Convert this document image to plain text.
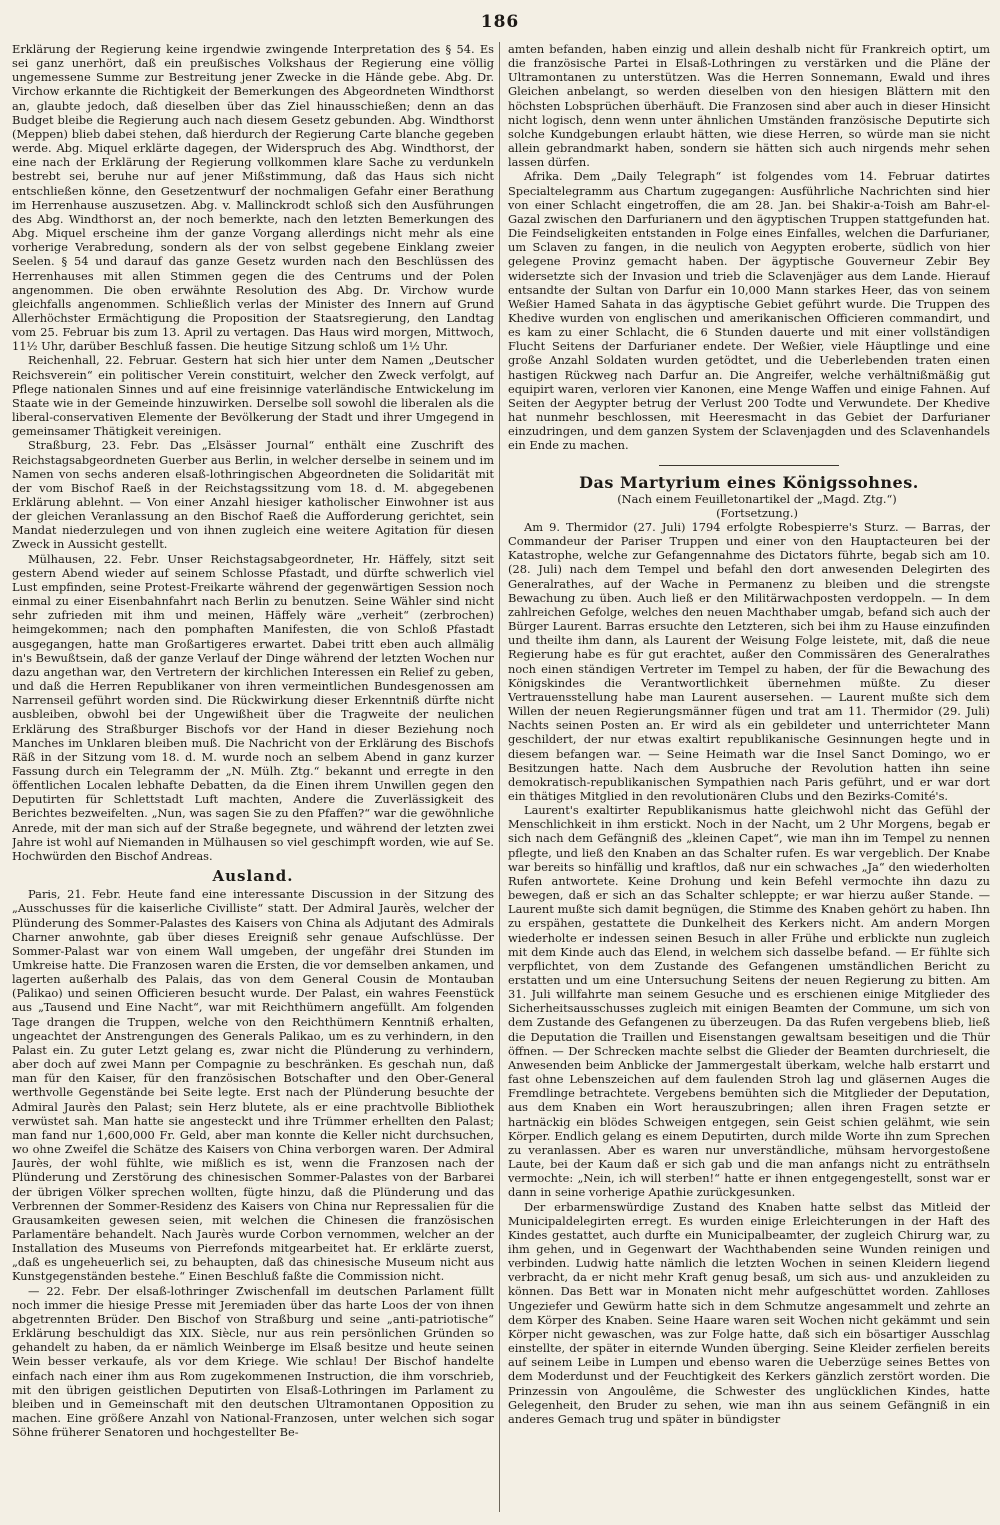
186

Erklärung der Regierung keine irgendwie zwingende Interpretation des § 54. Es sei ganz unerhört, daß ein preußisches Volkshaus der Regierung eine völlig ungemessene Summe zur Bestreitung jener Zwecke in die Hände gebe. Abg. Dr. Virchow erkannte die Richtigkeit der Bemerkungen des Abgeordneten Windthorst an, glaubte jedoch, daß dieselben über das Ziel hinausschießen; denn an das Budget bleibe die Regierung auch nach diesem Gesetz gebunden. Abg. Windthorst (Meppen) blieb dabei stehen, daß hierdurch der Regierung Carte blanche gegeben werde. Abg. Miquel erklärte dagegen, der Widerspruch des Abg. Windthorst, der eine nach der Erklärung der Regierung vollkommen klare Sache zu verdunkeln bestrebt sei, beruhe nur auf jener Mißstimmung, daß das Haus sich nicht entschließen könne, den Gesetzentwurf der nochmaligen Gefahr einer Berathung im Herrenhause auszusetzen. Abg. v. Mallinckrodt schloß sich den Ausführungen des Abg. Windthorst an, der noch bemerkte, nach den letzten Bemerkungen des Abg. Miquel erscheine ihm der ganze Vorgang allerdings nicht mehr als eine vorherige Verabredung, sondern als der von selbst gegebene Einklang zweier Seelen. § 54 und darauf das ganze Gesetz wurden nach den Beschlüssen des Herrenhauses mit allen Stimmen gegen die des Centrums und der Polen angenommen. Die oben erwähnte Resolution des Abg. Dr. Virchow wurde gleichfalls angenommen. Schließlich verlas der Minister des Innern auf Grund Allerhöchster Ermächtigung die Proposition der Staatsregierung, den Landtag vom 25. Februar bis zum 13. April zu vertagen. Das Haus wird morgen, Mittwoch, 11½ Uhr, darüber Beschluß fassen. Die heutige Sitzung schloß um 1½ Uhr.

Reichenhall, 22. Februar. Gestern hat sich hier unter dem Namen „Deutscher Reichsverein“ ein politischer Verein constituirt, welcher den Zweck verfolgt, auf Pflege nationalen Sinnes und auf eine freisinnige vaterländische Entwickelung im Staate wie in der Gemeinde hinzuwirken. Derselbe soll sowohl die liberalen als die liberal-conservativen Elemente der Bevölkerung der Stadt und ihrer Umgegend in gemeinsamer Thätigkeit vereinigen.

Straßburg, 23. Febr. Das „Elsässer Journal“ enthält eine Zuschrift des Reichstagsabgeordneten Guerber aus Berlin, in welcher derselbe in seinem und im Namen von sechs anderen elsaß-lothringischen Abgeordneten die Solidarität mit der vom Bischof Raeß in der Reichstagssitzung vom 18. d. M. abgegebenen Erklärung ablehnt. — Von einer Anzahl hiesiger katholischer Einwohner ist aus der gleichen Veranlassung an den Bischof Raeß die Aufforderung gerichtet, sein Mandat niederzulegen und von ihnen zugleich eine weitere Agitation für diesen Zweck in Aussicht gestellt.

Mülhausen, 22. Febr. Unser Reichstagsabgeordneter, Hr. Häffely, sitzt seit gestern Abend wieder auf seinem Schlosse Pfastadt, und dürfte schwerlich viel Lust empfinden, seine Protest-Freikarte während der gegenwärtigen Session noch einmal zu einer Eisenbahnfahrt nach Berlin zu benutzen. Seine Wähler sind nicht sehr zufrieden mit ihm und meinen, Häffely wäre „verheit“ (zerbrochen) heimgekommen; nach den pomphaften Manifesten, die von Schloß Pfastadt ausgegangen, hatte man Großartigeres erwartet. Dabei tritt eben auch allmälig in's Bewußtsein, daß der ganze Verlauf der Dinge während der letzten Wochen nur dazu angethan war, den Vertretern der kirchlichen Interessen ein Relief zu geben, und daß die Herren Republikaner von ihren vermeintlichen Bundesgenossen am Narrenseil geführt worden sind. Die Rückwirkung dieser Erkenntniß dürfte nicht ausbleiben, obwohl bei der Ungewißheit über die Tragweite der neulichen Erklärung des Straßburger Bischofs vor der Hand in dieser Beziehung noch Manches im Unklaren bleiben muß. Die Nachricht von der Erklärung des Bischofs Räß in der Sitzung vom 18. d. M. wurde noch an selbem Abend in ganz kurzer Fassung durch ein Telegramm der „N. Mülh. Ztg.“ bekannt und erregte in den öffentlichen Localen lebhafte Debatten, da die Einen ihrem Unwillen gegen den Deputirten für Schlettstadt Luft machten, Andere die Zuverlässigkeit des Berichtes bezweifelten. „Nun, was sagen Sie zu den Pfaffen?“ war die gewöhnliche Anrede, mit der man sich auf der Straße begegnete, und während der letzten zwei Jahre ist wohl auf Niemanden in Mülhausen so viel geschimpft worden, wie auf Se. Hochwürden den Bischof Andreas.

Ausland.

Paris, 21. Febr. Heute fand eine interessante Discussion in der Sitzung des „Ausschusses für die kaiserliche Civilliste“ statt. Der Admiral Jaurès, welcher der Plünderung des Sommer-Palastes des Kaisers von China als Adjutant des Admirals Charner anwohnte, gab über dieses Ereigniß sehr genaue Aufschlüsse. Der Sommer-Palast war von einem Wall umgeben, der ungefähr drei Stunden im Umkreise hatte. Die Franzosen waren die Ersten, die vor demselben ankamen, und lagerten außerhalb des Palais, das von dem General Cousin de Montauban (Palikao) und seinen Officieren besucht wurde. Der Palast, ein wahres Feenstück aus „Tausend und Eine Nacht“, war mit Reichthümern angefüllt. Am folgenden Tage drangen die Truppen, welche von den Reichthümern Kenntniß erhalten, ungeachtet der Anstrengungen des Generals Palikao, um es zu verhindern, in den Palast ein. Zu guter Letzt gelang es, zwar nicht die Plünderung zu verhindern, aber doch auf zwei Mann per Compagnie zu beschränken. Es geschah nun, daß man für den Kaiser, für den französischen Botschafter und den Ober-General werthvolle Gegenstände bei Seite legte. Erst nach der Plünderung besuchte der Admiral Jaurès den Palast; sein Herz blutete, als er eine prachtvolle Bibliothek verwüstet sah. Man hatte sie angesteckt und ihre Trümmer erhellten den Palast; man fand nur 1,600,000 Fr. Geld, aber man konnte die Keller nicht durchsuchen, wo ohne Zweifel die Schätze des Kaisers von China verborgen waren. Der Admiral Jaurès, der wohl fühlte, wie mißlich es ist, wenn die Franzosen nach der Plünderung und Zerstörung des chinesischen Sommer-Palastes von der Barbarei der übrigen Völker sprechen wollten, fügte hinzu, daß die Plünderung und das Verbrennen der Sommer-Residenz des Kaisers von China nur Repressalien für die Grausamkeiten gewesen seien, mit welchen die Chinesen die französischen Parlamentäre behandelt. Nach Jaurès wurde Corbon vernommen, welcher an der Installation des Museums von Pierrefonds mitgearbeitet hat. Er erklärte zuerst, „daß es ungeheuerlich sei, zu behaupten, daß das chinesische Museum nicht aus Kunstgegenständen bestehe.“ Einen Beschluß faßte die Commission nicht.

— 22. Febr. Der elsaß-lothringer Zwischenfall im deutschen Parlament füllt noch immer die hiesige Presse mit Jeremiaden über das harte Loos der von ihnen abgetrennten Brüder. Den Bischof von Straßburg und seine „anti-patriotische“ Erklärung beschuldigt das XIX. Siècle, nur aus rein persönlichen Gründen so gehandelt zu haben, da er nämlich Weinberge im Elsaß besitze und heute seinen Wein besser verkaufe, als vor dem Kriege. Wie schlau! Der Bischof handelte einfach nach einer ihm aus Rom zugekommenen Instruction, die ihm vorschrieb, mit den übrigen geistlichen Deputirten von Elsaß-Lothringen im Parlament zu bleiben und in Gemeinschaft mit den deutschen Ultramontanen Opposition zu machen. Eine größere Anzahl von National-Franzosen, unter welchen sich sogar Söhne früherer Senatoren und hochgestellter Be-

amten befanden, haben einzig und allein deshalb nicht für Frankreich optirt, um die französische Partei in Elsaß-Lothringen zu verstärken und die Pläne der Ultramontanen zu unterstützen. Was die Herren Sonnemann, Ewald und ihres Gleichen anbelangt, so werden dieselben von den hiesigen Blättern mit den höchsten Lobsprüchen überhäuft. Die Franzosen sind aber auch in dieser Hinsicht nicht logisch, denn wenn unter ähnlichen Umständen französische Deputirte sich solche Kundgebungen erlaubt hätten, wie diese Herren, so würde man sie nicht allein gebrandmarkt haben, sondern sie hätten sich auch nirgends mehr sehen lassen dürfen.

Afrika. Dem „Daily Telegraph“ ist folgendes vom 14. Februar datirtes Specialtelegramm aus Chartum zugegangen: Ausführliche Nachrichten sind hier von einer Schlacht eingetroffen, die am 28. Jan. bei Shakir-a-Toish am Bahr-el-Gazal zwischen den Darfurianern und den ägyptischen Truppen stattgefunden hat. Die Feindseligkeiten entstanden in Folge eines Einfalles, welchen die Darfurianer, um Sclaven zu fangen, in die neulich von Aegypten eroberte, südlich von hier gelegene Provinz gemacht haben. Der ägyptische Gouverneur Zebir Bey widersetzte sich der Invasion und trieb die Sclavenjäger aus dem Lande. Hierauf entsandte der Sultan von Darfur ein 10,000 Mann starkes Heer, das von seinem Weßier Hamed Sahata in das ägyptische Gebiet geführt wurde. Die Truppen des Khedive wurden von englischen und amerikanischen Officieren commandirt, und es kam zu einer Schlacht, die 6 Stunden dauerte und mit einer vollständigen Flucht Seitens der Darfurianer endete. Der Weßier, viele Häuptlinge und eine große Anzahl Soldaten wurden getödtet, und die Ueberlebenden traten einen hastigen Rückweg nach Darfur an. Die Angreifer, welche verhältnißmäßig gut equipirt waren, verloren vier Kanonen, eine Menge Waffen und einige Fahnen. Auf Seiten der Aegypter betrug der Verlust 200 Todte und Verwundete. Der Khedive hat nunmehr beschlossen, mit Heeresmacht in das Gebiet der Darfurianer einzudringen, und dem ganzen System der Sclavenjagden und des Sclavenhandels ein Ende zu machen.

Das Martyrium eines Königssohnes.

(Nach einem Feuilletonartikel der „Magd. Ztg.“)

(Fortsetzung.)

Am 9. Thermidor (27. Juli) 1794 erfolgte Robespierre's Sturz. — Barras, der Commandeur der Pariser Truppen und einer von den Hauptacteuren bei der Katastrophe, welche zur Gefangennahme des Dictators führte, begab sich am 10. (28. Juli) nach dem Tempel und befahl den dort anwesenden Delegirten des Generalrathes, auf der Wache in Permanenz zu bleiben und die strengste Bewachung zu üben. Auch ließ er den Militärwachposten verdoppeln. — In dem zahlreichen Gefolge, welches den neuen Machthaber umgab, befand sich auch der Bürger Laurent. Barras ersuchte den Letzteren, sich bei ihm zu Hause einzufinden und theilte ihm dann, als Laurent der Weisung Folge leistete, mit, daß die neue Regierung habe es für gut erachtet, außer den Commissären des Generalrathes noch einen ständigen Vertreter im Tempel zu haben, der für die Bewachung des Königskindes die Verantwortlichkeit übernehmen müßte. Zu dieser Vertrauensstellung habe man Laurent ausersehen. — Laurent mußte sich dem Willen der neuen Regierungsmänner fügen und trat am 11. Thermidor (29. Juli) Nachts seinen Posten an. Er wird als ein gebildeter und unterrichteter Mann geschildert, der nur etwas exaltirt republikanische Gesinnungen hegte und in diesem befangen war. — Seine Heimath war die Insel Sanct Domingo, wo er Besitzungen hatte. Nach dem Ausbruche der Revolution hatten ihn seine demokratisch-republikanischen Sympathien nach Paris geführt, und er war dort ein thätiges Mitglied in den revolutionären Clubs und den Bezirks-Comité's.

Laurent's exaltirter Republikanismus hatte gleichwohl nicht das Gefühl der Menschlichkeit in ihm erstickt. Noch in der Nacht, um 2 Uhr Morgens, begab er sich nach dem Gefängniß des „kleinen Capet“, wie man ihn im Tempel zu nennen pflegte, und ließ den Knaben an das Schalter rufen. Es war vergeblich. Der Knabe war bereits so hinfällig und kraftlos, daß nur ein schwaches „Ja“ den wiederholten Rufen antwortete. Keine Drohung und kein Befehl vermochte ihn dazu zu bewegen, daß er sich an das Schalter schleppte; er war hierzu außer Stande. — Laurent mußte sich damit begnügen, die Stimme des Knaben gehört zu haben. Ihn zu erspähen, gestattete die Dunkelheit des Kerkers nicht. Am andern Morgen wiederholte er indessen seinen Besuch in aller Frühe und erblickte nun zugleich mit dem Kinde auch das Elend, in welchem sich dasselbe befand. — Er fühlte sich verpflichtet, von dem Zustande des Gefangenen umständlichen Bericht zu erstatten und um eine Untersuchung Seitens der neuen Regierung zu bitten. Am 31. Juli willfahrte man seinem Gesuche und es erschienen einige Mitglieder des Sicherheitsausschusses zugleich mit einigen Beamten der Commune, um sich von dem Zustande des Gefangenen zu überzeugen. Da das Rufen vergebens blieb, ließ die Deputation die Traillen und Eisenstangen gewaltsam beseitigen und die Thür öffnen. — Der Schrecken machte selbst die Glieder der Beamten durchrieselt, die Anwesenden beim Anblicke der Jammergestalt überkam, welche halb erstarrt und fast ohne Lebenszeichen auf dem faulenden Stroh lag und gläsernen Auges die Fremdlinge betrachtete. Vergebens bemühten sich die Mitglieder der Deputation, aus dem Knaben ein Wort herauszubringen; allen ihren Fragen setzte er hartnäckig ein blödes Schweigen entgegen, sein Geist schien gelähmt, wie sein Körper. Endlich gelang es einem Deputirten, durch milde Worte ihn zum Sprechen zu veranlassen. Aber es waren nur unverständliche, mühsam hervorgestoßene Laute, bei der Kaum daß er sich gab und die man anfangs nicht zu enträthseln vermochte: „Nein, ich will sterben!“ hatte er ihnen entgegengestellt, sonst war er dann in seine vorherige Apathie zurückgesunken.

Der erbarmenswürdige Zustand des Knaben hatte selbst das Mitleid der Municipaldelegirten erregt. Es wurden einige Erleichterungen in der Haft des Kindes gestattet, auch durfte ein Municipalbeamter, der zugleich Chirurg war, zu ihm gehen, und in Gegenwart der Wachthabenden seine Wunden reinigen und verbinden. Ludwig hatte nämlich die letzten Wochen in seinen Kleidern liegend verbracht, da er nicht mehr Kraft genug besaß, um sich aus- und anzukleiden zu können. Das Bett war in Monaten nicht mehr aufgeschüttet worden. Zahlloses Ungeziefer und Gewürm hatte sich in dem Schmutze angesammelt und zehrte an dem Körper des Knaben. Seine Haare waren seit Wochen nicht gekämmt und sein Körper nicht gewaschen, was zur Folge hatte, daß sich ein bösartiger Ausschlag einstellte, der später in eiternde Wunden überging. Seine Kleider zerfielen bereits auf seinem Leibe in Lumpen und ebenso waren die Ueberzüge seines Bettes von dem Moderdunst und der Feuchtigkeit des Kerkers gänzlich zerstört worden. Die Prinzessin von Angoulême, die Schwester des unglücklichen Kindes, hatte Gelegenheit, den Bruder zu sehen, wie man ihn aus seinem Gefängniß in ein anderes Gemach trug und später in bündigster
